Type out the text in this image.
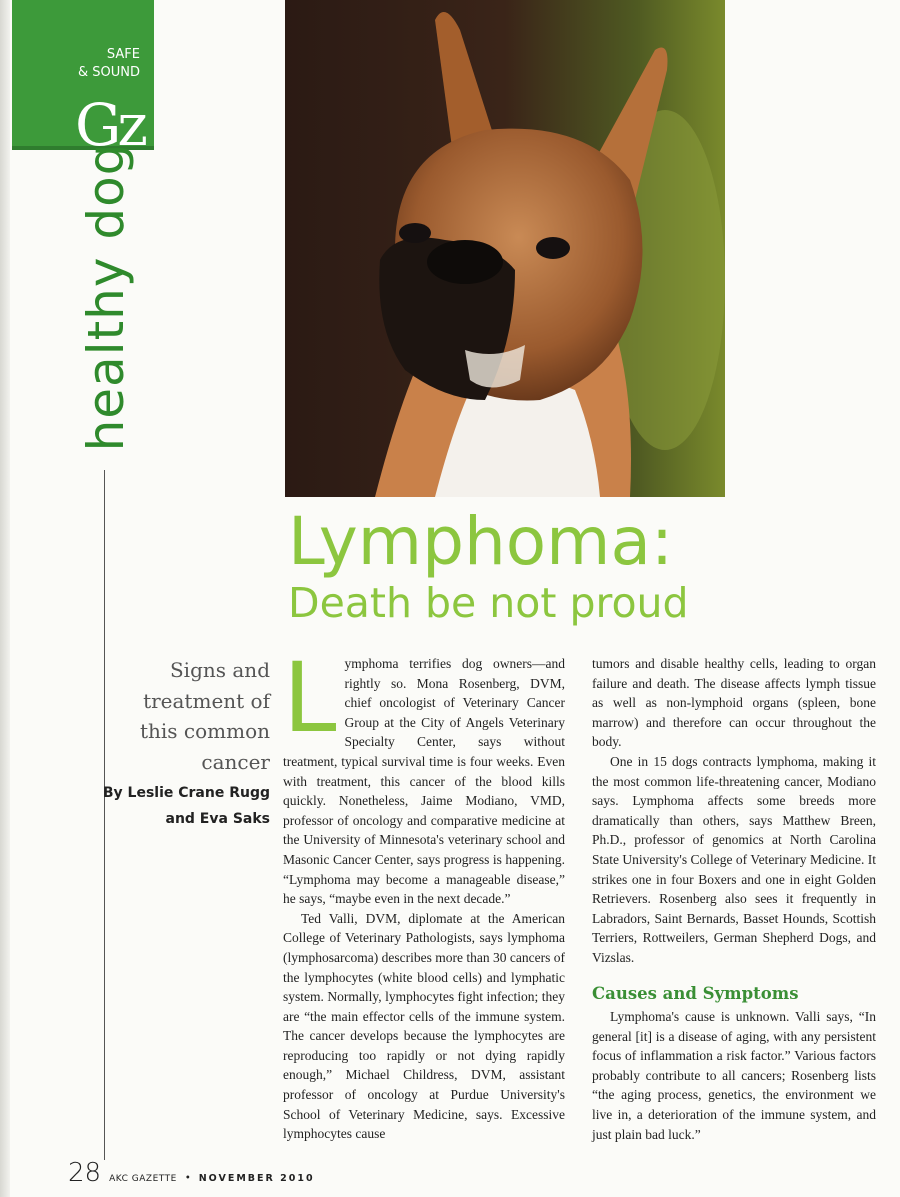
SAFE
& SOUND
Gz
healthy dog
Lymphoma:
Death be not proud
Signs and treatment of this common cancer
By Leslie Crane Rugg
and Eva Saks
L ymphoma terrifies dog owners—and rightly so. Mona Rosenberg, DVM, chief oncologist of Veterinary Cancer Group at the City of Angels Veterinary Specialty Center, says without treatment, typical survival time is four weeks. Even with treatment, this cancer of the blood kills quickly. Nonetheless, Jaime Modiano, VMD, professor of oncology and comparative medicine at the University of Minnesota's veterinary school and Masonic Cancer Center, says progress is happening. “Lymphoma may become a manageable disease,” he says, “maybe even in the next decade.”

Ted Valli, DVM, diplomate at the American College of Veterinary Pathologists, says lymphoma (lymphosarcoma) describes more than 30 cancers of the lymphocytes (white blood cells) and lymphatic system. Normally, lymphocytes fight infection; they are “the main effector cells of the immune system. The cancer develops because the lymphocytes are reproducing too rapidly or not dying rapidly enough,” Michael Childress, DVM, assistant professor of oncology at Purdue University's School of Veterinary Medicine, says. Excessive lymphocytes cause

tumors and disable healthy cells, leading to organ failure and death. The disease affects lymph tissue as well as non-lymphoid organs (spleen, bone marrow) and therefore can occur throughout the body.

One in 15 dogs contracts lymphoma, making it the most common life-threatening cancer, Modiano says. Lymphoma affects some breeds more dramatically than others, says Matthew Breen, Ph.D., professor of genomics at North Carolina State University's College of Veterinary Medicine. It strikes one in four Boxers and one in eight Golden Retrievers. Rosenberg also sees it frequently in Labradors, Saint Bernards, Basset Hounds, Scottish Terriers, Rottweilers, German Shepherd Dogs, and Vizslas.

Causes and Symptoms

Lymphoma's cause is unknown. Valli says, “In general [it] is a disease of aging, with any persistent focus of inflammation a risk factor.” Various factors probably contribute to all cancers; Rosenberg lists “the aging process, genetics, the environment we live in, a deterioration of the immune system, and just plain bad luck.”

28 AKC GAZETTE • NOVEMBER 2010
